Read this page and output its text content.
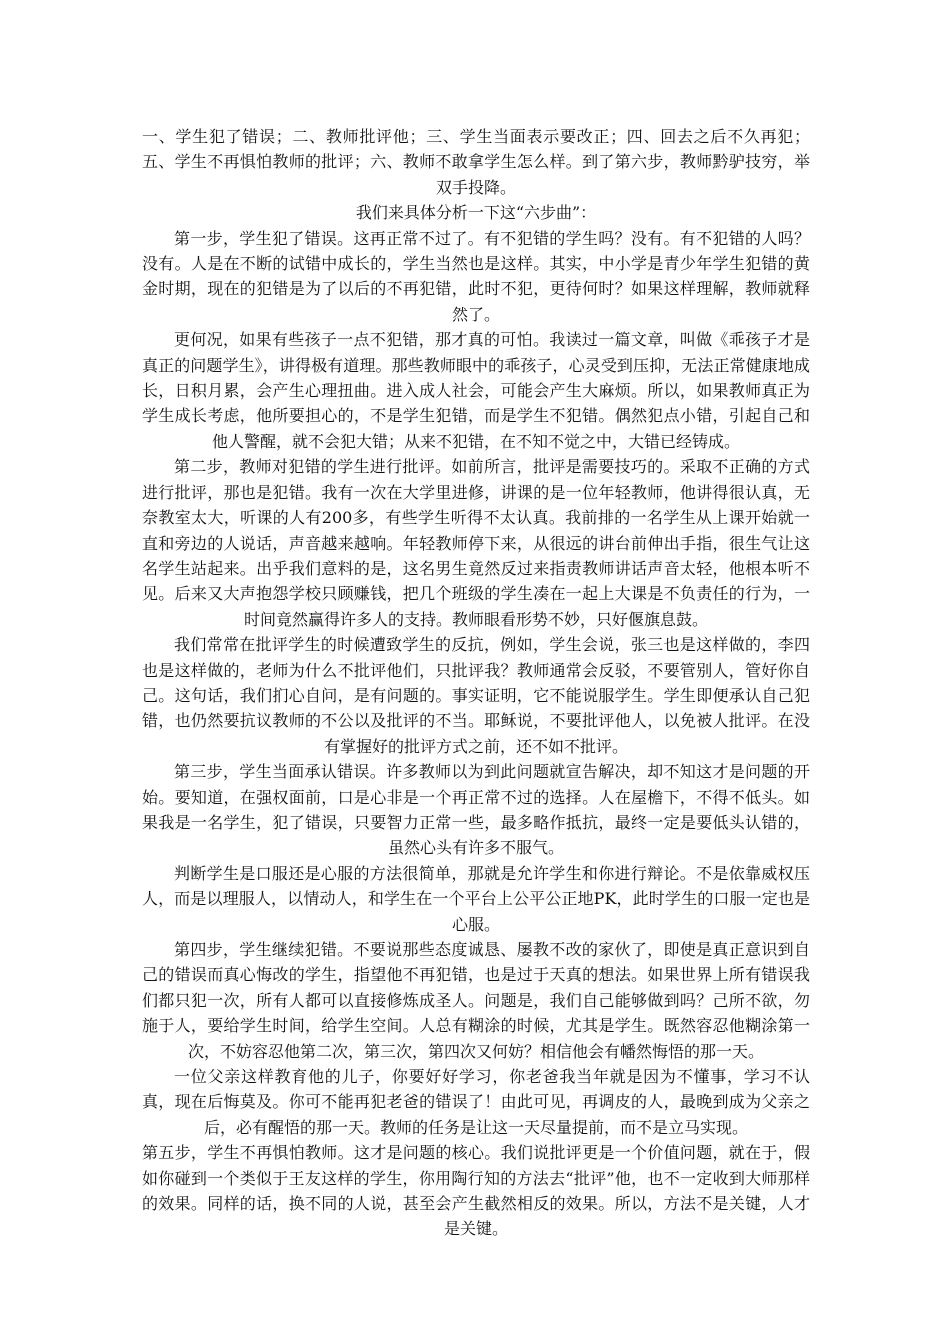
一、学生犯了错误；二、教师批评他；三、学生当面表示要改正；四、回去之后不久再犯；五、学生不再惧怕教师的批评；六、教师不敢拿学生怎么样。到了第六步，教师黔驴技穷，举双手投降。

我们来具体分析一下这“六步曲”：

第一步，学生犯了错误。这再正常不过了。有不犯错的学生吗？没有。有不犯错的人吗？没有。人是在不断的试错中成长的，学生当然也是这样。其实，中小学是青少年学生犯错的黄金时期，现在的犯错是为了以后的不再犯错，此时不犯，更待何时？如果这样理解，教师就释然了。

更何况，如果有些孩子一点不犯错，那才真的可怕。我读过一篇文章，叫做《乖孩子才是真正的问题学生》，讲得极有道理。那些教师眼中的乖孩子，心灵受到压抑，无法正常健康地成长，日积月累，会产生心理扭曲。进入成人社会，可能会产生大麻烦。所以，如果教师真正为学生成长考虑，他所要担心的，不是学生犯错，而是学生不犯错。偶然犯点小错，引起自己和他人警醒，就不会犯大错；从来不犯错，在不知不觉之中，大错已经铸成。

第二步，教师对犯错的学生进行批评。如前所言，批评是需要技巧的。采取不正确的方式进行批评，那也是犯错。我有一次在大学里进修，讲课的是一位年轻教师，他讲得很认真，无奈教室太大，听课的人有200多，有些学生听得不太认真。我前排的一名学生从上课开始就一直和旁边的人说话，声音越来越响。年轻教师停下来，从很远的讲台前伸出手指，很生气让这名学生站起来。出乎我们意料的是，这名男生竟然反过来指责教师讲话声音太轻，他根本听不见。后来又大声抱怨学校只顾赚钱，把几个班级的学生凑在一起上大课是不负责任的行为，一时间竟然赢得许多人的支持。教师眼看形势不妙，只好偃旗息鼓。

我们常常在批评学生的时候遭致学生的反抗，例如，学生会说，张三也是这样做的，李四也是这样做的，老师为什么不批评他们，只批评我？教师通常会反驳，不要管别人，管好你自己。这句话，我们扪心自问，是有问题的。事实证明，它不能说服学生。学生即便承认自己犯错，也仍然要抗议教师的不公以及批评的不当。耶稣说，不要批评他人，以免被人批评。在没有掌握好的批评方式之前，还不如不批评。

第三步，学生当面承认错误。许多教师以为到此问题就宣告解决，却不知这才是问题的开始。要知道，在强权面前，口是心非是一个再正常不过的选择。人在屋檐下，不得不低头。如果我是一名学生，犯了错误，只要智力正常一些，最多略作抵抗，最终一定是要低头认错的，虽然心头有许多不服气。

判断学生是口服还是心服的方法很简单，那就是允许学生和你进行辩论。不是依靠威权压人，而是以理服人，以情动人，和学生在一个平台上公平公正地PK，此时学生的口服一定也是心服。

第四步，学生继续犯错。不要说那些态度诚恳、屡教不改的家伙了，即使是真正意识到自己的错误而真心悔改的学生，指望他不再犯错，也是过于天真的想法。如果世界上所有错误我们都只犯一次，所有人都可以直接修炼成圣人。问题是，我们自己能够做到吗？己所不欲，勿施于人，要给学生时间，给学生空间。人总有糊涂的时候，尤其是学生。既然容忍他糊涂第一次，不妨容忍他第二次，第三次，第四次又何妨？相信他会有幡然悔悟的那一天。

一位父亲这样教育他的儿子，你要好好学习，你老爸我当年就是因为不懂事，学习不认真，现在后悔莫及。你可不能再犯老爸的错误了！由此可见，再调皮的人，最晚到成为父亲之后，必有醒悟的那一天。教师的任务是让这一天尽量提前，而不是立马实现。

第五步，学生不再惧怕教师。这才是问题的核心。我们说批评更是一个价值问题，就在于，假如你碰到一个类似于王友这样的学生，你用陶行知的方法去“批评”他，也不一定收到大师那样的效果。同样的话，换不同的人说，甚至会产生截然相反的效果。所以，方法不是关键，人才是关键。
